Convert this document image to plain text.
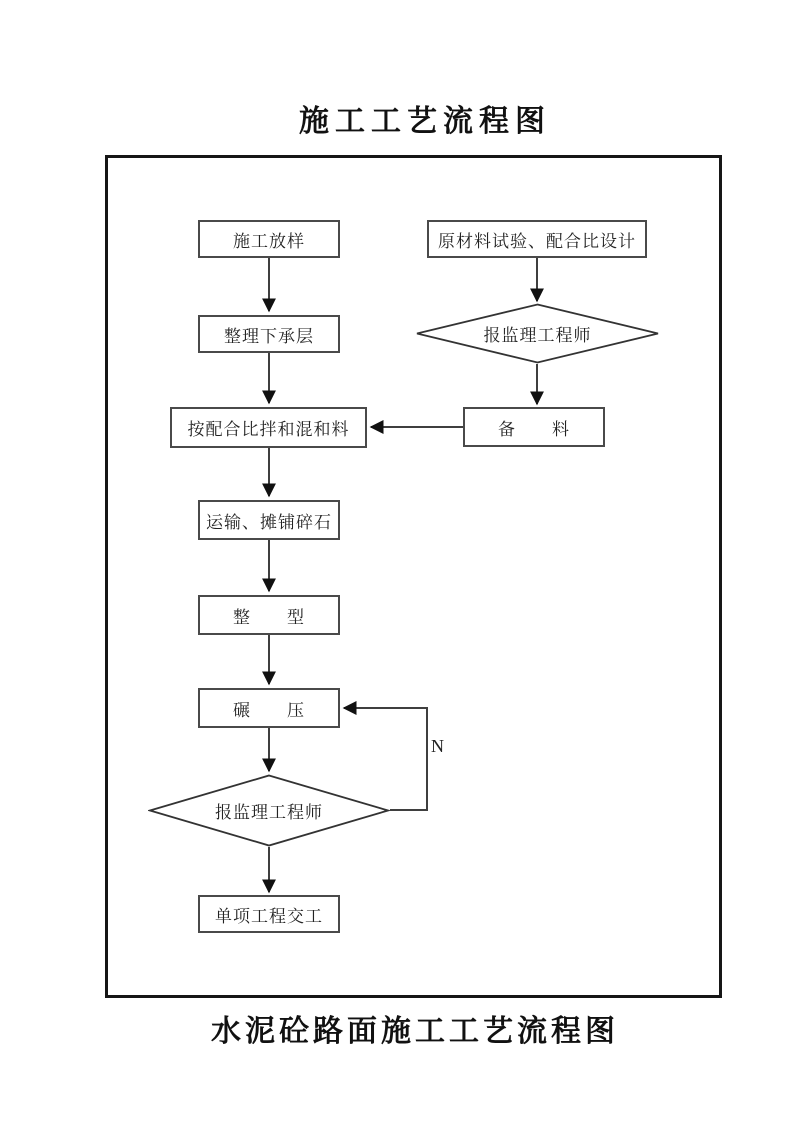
施工工艺流程图
施工放样
整理下承层
按配合比拌和混和料
运输、摊铺碎石
整　　型
碾　　压
报监理工程师
单项工程交工
原材料试验、配合比设计
报监理工程师
备　　料
N
水泥砼路面施工工艺流程图
